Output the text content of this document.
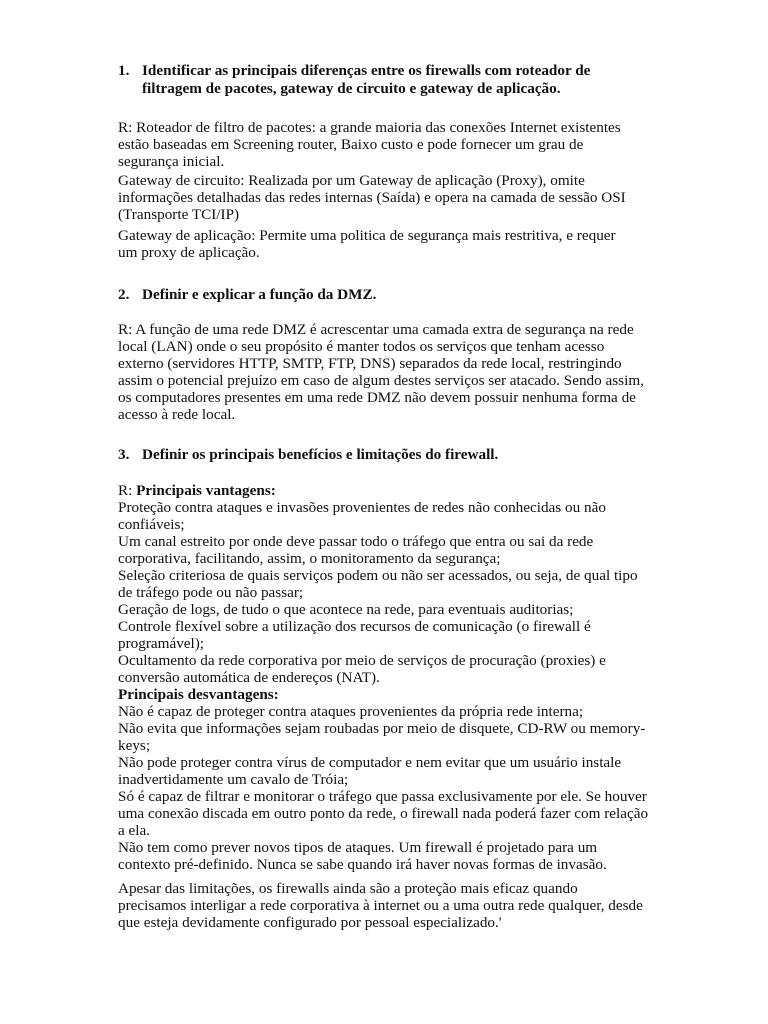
1. Identificar as principais diferenças entre os firewalls com roteador de
filtragem de pacotes, gateway de circuito e gateway de aplicação.
R: Roteador de filtro de pacotes: a grande maioria das conexões Internet existentes
estão baseadas em Screening router, Baixo custo e pode fornecer um grau de
segurança inicial.
Gateway de circuito: Realizada por um Gateway de aplicação (Proxy), omite
informações detalhadas das redes internas (Saída) e opera na camada de sessão OSI
(Transporte TCI/IP)
Gateway de aplicação: Permite uma politica de segurança mais restritiva, e requer
um proxy de aplicação.
2. Definir e explicar a função da DMZ.
R: A função de uma rede DMZ é acrescentar uma camada extra de segurança na rede
local (LAN) onde o seu propósito é manter todos os serviços que tenham acesso
externo (servidores HTTP, SMTP, FTP, DNS) separados da rede local, restringindo
assim o potencial prejuízo em caso de algum destes serviços ser atacado. Sendo assim,
os computadores presentes em uma rede DMZ não devem possuir nenhuma forma de
acesso à rede local.
3. Definir os principais benefícios e limitações do firewall.
R: Principais vantagens:
Proteção contra ataques e invasões provenientes de redes não conhecidas ou não
confiáveis;
Um canal estreito por onde deve passar todo o tráfego que entra ou sai da rede
corporativa, facilitando, assim, o monitoramento da segurança;
Seleção criteriosa de quais serviços podem ou não ser acessados, ou seja, de qual tipo
de tráfego pode ou não passar;
Geração de logs, de tudo o que acontece na rede, para eventuais auditorias;
Controle flexível sobre a utilização dos recursos de comunicação (o firewall é
programável);
Ocultamento da rede corporativa por meio de serviços de procuração (proxies) e
conversão automática de endereços (NAT).
Principais desvantagens:
Não é capaz de proteger contra ataques provenientes da própria rede interna;
Não evita que informações sejam roubadas por meio de disquete, CD-RW ou memory-
keys;
Não pode proteger contra vírus de computador e nem evitar que um usuário instale
inadvertidamente um cavalo de Tróia;
Só é capaz de filtrar e monitorar o tráfego que passa exclusivamente por ele. Se houver
uma conexão discada em outro ponto da rede, o firewall nada poderá fazer com relação
a ela.
Não tem como prever novos tipos de ataques. Um firewall é projetado para um
contexto pré-definido. Nunca se sabe quando irá haver novas formas de invasão.
Apesar das limitações, os firewalls ainda são a proteção mais eficaz quando
precisamos interligar a rede corporativa à internet ou a uma outra rede qualquer, desde
que esteja devidamente configurado por pessoal especializado.'
